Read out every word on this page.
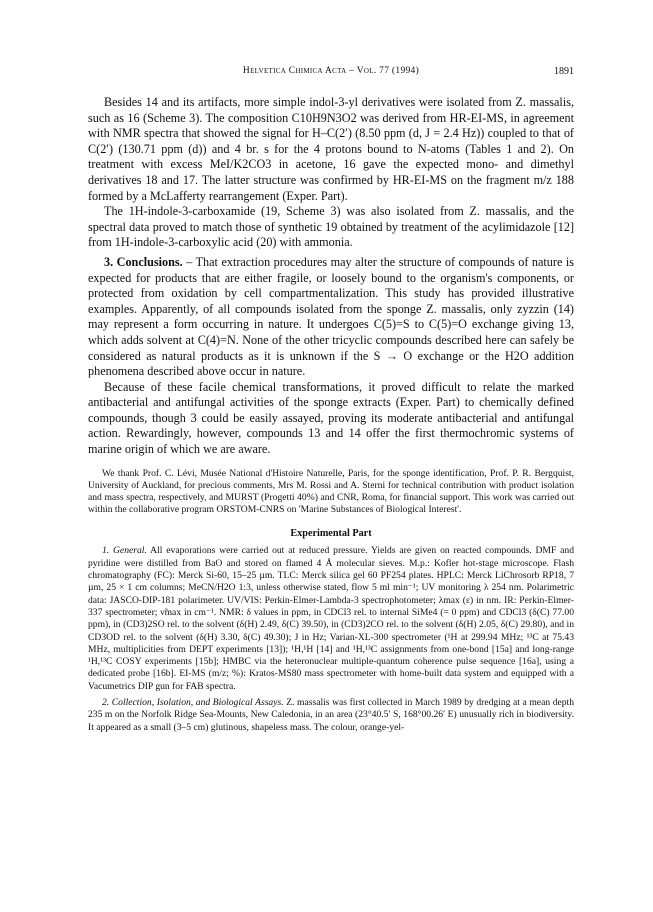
Helvetica Chimica Acta – Vol. 77 (1994)	1891

Besides 14 and its artifacts, more simple indol-3-yl derivatives were isolated from Z. massalis, such as 16 (Scheme 3). The composition C10H9N3O2 was derived from HR-EI-MS, in agreement with NMR spectra that showed the signal for H–C(2′) (8.50 ppm (d, J = 2.4 Hz)) coupled to that of C(2′) (130.71 ppm (d)) and 4 br. s for the 4 protons bound to N-atoms (Tables 1 and 2). On treatment with excess MeI/K2CO3 in acetone, 16 gave the expected mono- and dimethyl derivatives 18 and 17. The latter structure was confirmed by HR-EI-MS on the fragment m/z 188 formed by a McLafferty rearrangement (Exper. Part).

The 1H-indole-3-carboxamide (19, Scheme 3) was also isolated from Z. massalis, and the spectral data proved to match those of synthetic 19 obtained by treatment of the acylimidazole [12] from 1H-indole-3-carboxylic acid (20) with ammonia.

3. Conclusions. – That extraction procedures may alter the structure of compounds of nature is expected for products that are either fragile, or loosely bound to the organism's components, or protected from oxidation by cell compartmentalization. This study has provided illustrative examples. Apparently, of all compounds isolated from the sponge Z. massalis, only zyzzin (14) may represent a form occurring in nature. It undergoes C(5)=S to C(5)=O exchange giving 13, which adds solvent at C(4)=N. None of the other tricyclic compounds described here can safely be considered as natural products as it is unknown if the S → O exchange or the H2O addition phenomena described above occur in nature.

Because of these facile chemical transformations, it proved difficult to relate the marked antibacterial and antifungal activities of the sponge extracts (Exper. Part) to chemically defined compounds, though 3 could be easily assayed, proving its moderate antibacterial and antifungal action. Rewardingly, however, compounds 13 and 14 offer the first thermochromic systems of marine origin of which we are aware.

We thank Prof. C. Lévi, Musée National d'Histoire Naturelle, Paris, for the sponge identification, Prof. P. R. Bergquist, University of Auckland, for precious comments, Mrs M. Rossi and A. Sterni for technical contribution with product isolation and mass spectra, respectively, and MURST (Progetti 40%) and CNR, Roma, for financial support. This work was carried out within the collaborative program ORSTOM-CNRS on 'Marine Substances of Biological Interest'.

Experimental Part

1. General. All evaporations were carried out at reduced pressure. Yields are given on reacted compounds. DMF and pyridine were distilled from BaO and stored on flamed 4 Å molecular sieves. M.p.: Kofler hot-stage microscope. Flash chromatography (FC): Merck Si-60, 15–25 µm. TLC: Merck silica gel 60 PF254 plates. HPLC: Merck LiChrosorb RP18, 7 µm, 25 × 1 cm columns; MeCN/H2O 1:3, unless otherwise stated, flow 5 ml min⁻¹; UV monitoring λ 254 nm. Polarimetric data: JASCO-DIP-181 polarimeter. UV/VIS: Perkin-Elmer-Lambda-3 spectrophotometer; λmax (ε) in nm. IR: Perkin-Elmer-337 spectrometer; ν̃max in cm⁻¹. NMR: δ values in ppm, in CDCl3 rel. to internal SiMe4 (= 0 ppm) and CDCl3 (δ(C) 77.00 ppm), in (CD3)2SO rel. to the solvent (δ(H) 2.49, δ(C) 39.50), in (CD3)2CO rel. to the solvent (δ(H) 2.05, δ(C) 29.80), and in CD3OD rel. to the solvent (δ(H) 3.30, δ(C) 49.30); J in Hz; Varian-XL-300 spectrometer (¹H at 299.94 MHz; ¹³C at 75.43 MHz, multiplicities from DEPT experiments [13]); ¹H,¹H [14] and ¹H,¹³C assignments from one-bond [15a] and long-range ¹H,¹³C COSY experiments [15b]; HMBC via the heteronuclear multiple-quantum coherence pulse sequence [16a], using a dedicated probe [16b]. EI-MS (m/z; %): Kratos-MS80 mass spectrometer with home-built data system and equipped with a Vacumetrics DIP gun for FAB spectra.

2. Collection, Isolation, and Biological Assays. Z. massalis was first collected in March 1989 by dredging at a mean depth 235 m on the Norfolk Ridge Sea-Mounts, New Caledonia, in an area (23°40.5′ S, 168°00.26′ E) unusually rich in biodiversity. It appeared as a small (3–5 cm) glutinous, shapeless mass. The colour, orange-yel-
